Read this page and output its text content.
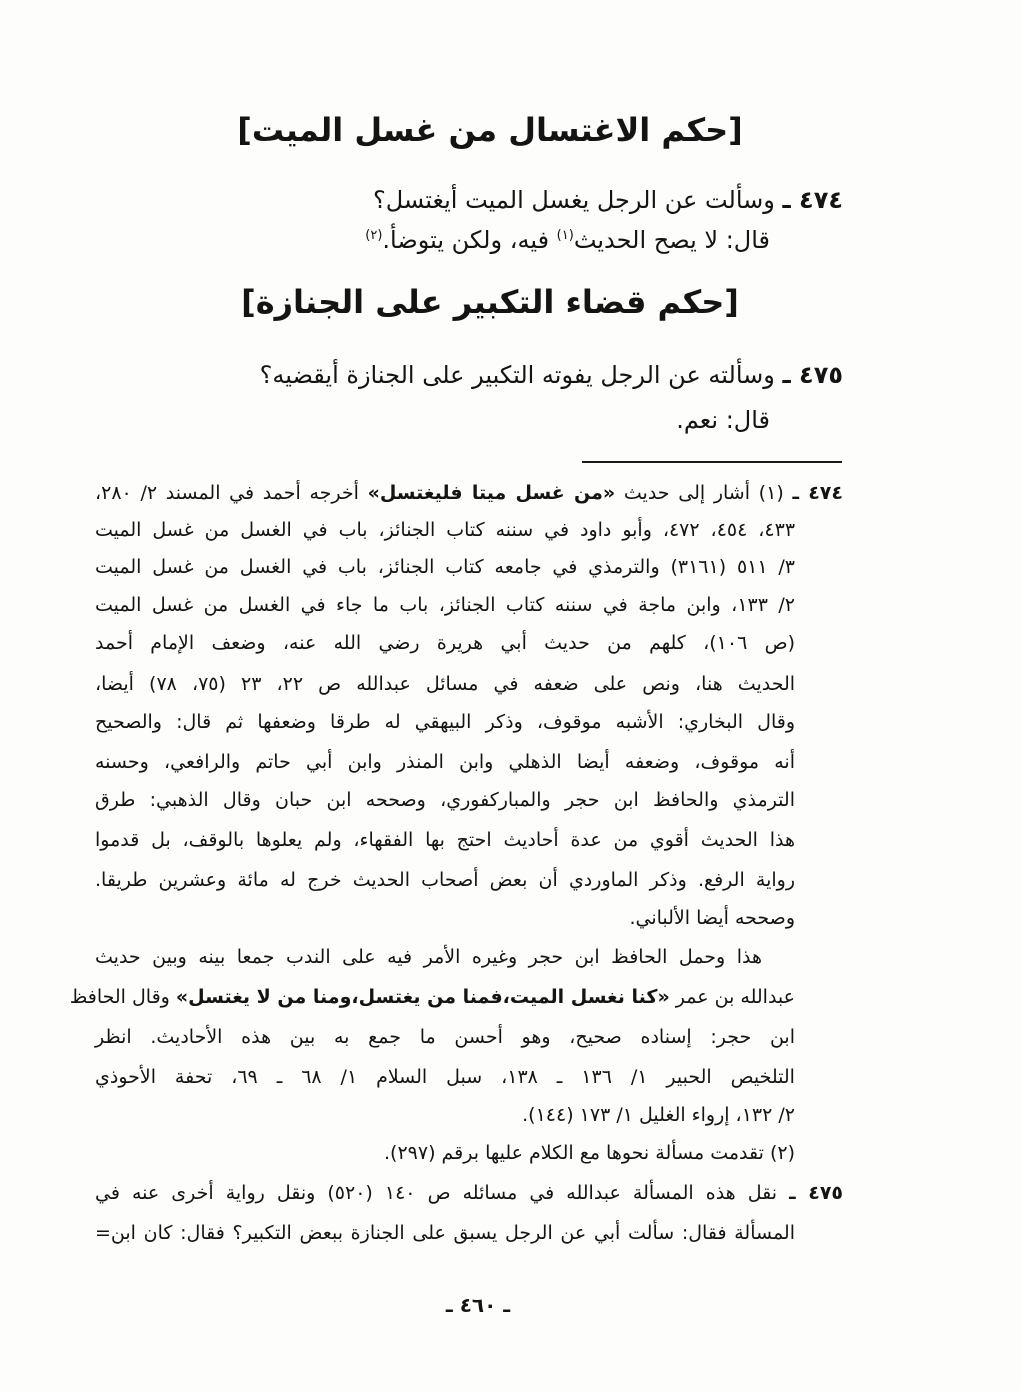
[حكم الاغتسال من غسل الميت]
٤٧٤ ـ وسألت عن الرجل يغسل الميت أيغتسل؟
قال: لا يصح الحديث$^{(١)}$ فيه، ولكن يتوضأ.$^{(٢)}$
[حكم قضاء التكبير على الجنازة]
٤٧٥ ـ وسألته عن الرجل يفوته التكبير على الجنازة أيقضيه؟
قال: نعم.
٤٧٤ ـ (١) أشار إلى حديث «من غسل ميتا فليغتسل» أخرجه أحمد في المسند ٢/ ٢٨٠،
٤٣٣، ٤٥٤، ٤٧٢، وأبو داود في سننه كتاب الجنائز، باب في الغسل من غسل الميت
٣/ ٥١١ (٣١٦١) والترمذي في جامعه كتاب الجنائز، باب في الغسل من غسل الميت
٢/ ١٣٣، وابن ماجة في سننه كتاب الجنائز، باب ما جاء في الغسل من غسل الميت
(ص ١٠٦)، كلهم من حديث أبي هريرة رضي الله عنه، وضعف الإمام أحمد
الحديث هنا، ونص على ضعفه في مسائل عبدالله ص ٢٢، ٢٣ (٧٥، ٧٨) أيضا،
وقال البخاري: الأشبه موقوف، وذكر البيهقي له طرقا وضعفها ثم قال: والصحيح
أنه موقوف، وضعفه أيضا الذهلي وابن المنذر وابن أبي حاتم والرافعي، وحسنه
الترمذي والحافظ ابن حجر والمباركفوري، وصححه ابن حبان وقال الذهبي: طرق
هذا الحديث أقوي من عدة أحاديث احتج بها الفقهاء، ولم يعلوها بالوقف، بل قدموا
رواية الرفع. وذكر الماوردي أن بعض أصحاب الحديث خرج له مائة وعشرين طريقا.
وصححه أيضا الألباني.
هذا وحمل الحافظ ابن حجر وغيره الأمر فيه على الندب جمعا بينه وبين حديث
عبدالله بن عمر «كنا نغسل الميت،فمنا من يغتسل،ومنا من لا يغتسل» وقال الحافظ
ابن حجر: إسناده صحيح، وهو أحسن ما جمع به بين هذه الأحاديث. انظر
التلخيص الحبير ١/ ١٣٦ ـ ١٣٨، سبل السلام ١/ ٦٨ ـ ٦٩، تحفة الأحوذي
٢/ ١٣٢، إرواء الغليل ١/ ١٧٣ (١٤٤).
(٢) تقدمت مسألة نحوها مع الكلام عليها برقم (٢٩٧).
٤٧٥ ـ نقل هذه المسألة عبدالله في مسائله ص ١٤٠ (٥٢٠) ونقل رواية أخرى عنه في
المسألة فقال: سألت أبي عن الرجل يسبق على الجنازة ببعض التكبير؟ فقال: كان ابن=
ـ ٤٦٠ ـ
